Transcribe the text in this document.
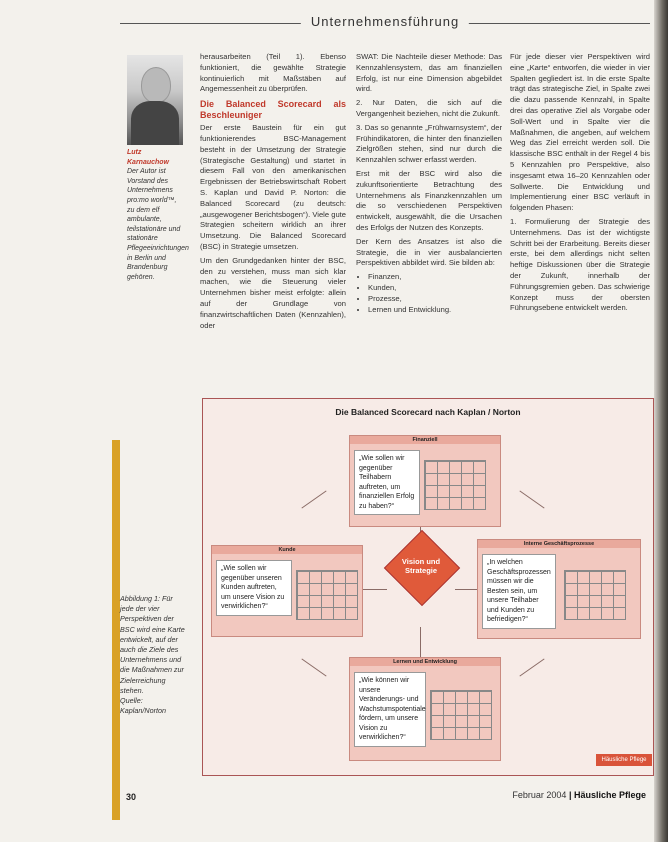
Unternehmensführung
Lutz Karnauchow
Der Autor ist Vorstand des Unternehmens pro:mo world™, zu dem elf ambulante, teilstationäre und stationäre Pflegeeinrichtungen in Berlin und Brandenburg gehören.

herausarbeiten (Teil 1). Ebenso funktioniert, die gewählte Strategie kontinuierlich mit Maßstäben auf Angemessenheit zu überprüfen.

Die Balanced Scorecard als Beschleuniger

Der erste Baustein für ein gut funktionierendes BSC-Management besteht in der Umsetzung der Strategie (Strategische Gestaltung) und startet in diesem Fall von den amerikanischen Ergebnissen der Betriebswirtschaft Robert S. Kaplan und David P. Norton: die Balanced Scorecard (zu deutsch: „ausgewogener Berichtsbogen“). Viele gute Strategien scheitern wirklich an ihrer Umsetzung. Die Balanced Scorecard (BSC) in Strategie umsetzen.

Um den Grundgedanken hinter der BSC, den zu verstehen, muss man sich klar machen, wie die Steuerung vieler Unternehmen bisher meist erfolgte: allein auf der Grundlage von finanzwirtschaftlichen Daten (Kennzahlen), oder

SWAT: Die Nachteile dieser Methode: Das Kennzahlensystem, das am finanziellen Erfolg, ist nur eine Dimension abgebildet wird.

2. Nur Daten, die sich auf die Vergangenheit beziehen, nicht die Zukunft.

3. Das so genannte „Frühwarnsystem“, der Frühindikatoren, die hinter den finanziellen Zielgrößen stehen, sind nur durch die Kennzahlen schwer erfasst werden.

Erst mit der BSC wird also die zukunftsorientierte Betrachtung des Unternehmens als Finanzkennzahlen um die so verschiedenen Perspektiven entwickelt, ausgewählt, die die Ursachen des Erfolgs der Nutzen des Konzepts.

Der Kern des Ansatzes ist also die Strategie, die in vier ausbalancierten Perspektiven abbildet wird. Sie bilden ab:

• Finanzen,
• Kunden,
• Prozesse,
• Lernen und Entwicklung.

Für jede dieser vier Perspektiven wird eine „Karte“ entworfen, die wieder in vier Spalten gegliedert ist. In die erste Spalte trägt das strategische Ziel, in Spalte zwei die dazu passende Kennzahl, in Spalte drei das operative Ziel als Vorgabe oder Soll-Wert und in Spalte vier die Maßnahmen, die angeben, auf welchem Weg das Ziel erreicht werden soll. Die klassische BSC enthält in der Regel 4 bis 5 Kennzahlen pro Perspektive, also insgesamt etwa 16–20 Kennzahlen oder Sollwerte. Die Entwicklung und Implementierung einer BSC verläuft in folgenden Phasen:

1. Formulierung der Strategie des Unternehmens. Das ist der wichtigste Schritt bei der Erarbeitung. Bereits dieser erste, bei dem allerdings nicht selten heftige Diskussionen über die Strategie der Zukunft, innerhalb der Führungsgremien geben. Das schwierige Konzept muss der obersten Führungsebene entwickelt werden.

Die Balanced Scorecard nach Kaplan / Norton
Finanziell
„Wie sollen wir gegenüber Teilhabern auftreten, um finanziellen Erfolg zu haben?“
Kunde
„Wie sollen wir gegenüber unseren Kunden auftreten, um unsere Vision zu verwirklichen?“
Interne Geschäftsprozesse
„In welchen Geschäftsprozessen müssen wir die Besten sein, um unsere Teilhaber und Kunden zu befriedigen?“
Lernen und Entwicklung
„Wie können wir unsere Veränderungs- und Wachstumspotentiale fördern, um unsere Vision zu verwirklichen?“
Vision und Strategie
Abbildung 1: Für jede der vier Perspektiven der BSC wird eine Karte entwickelt, auf der auch die Ziele des Unternehmens und die Maßnahmen zur Zielerreichung stehen.
Quelle: Kaplan/Norton
Häusliche Pflege
30	Februar 2004 | Häusliche Pflege
